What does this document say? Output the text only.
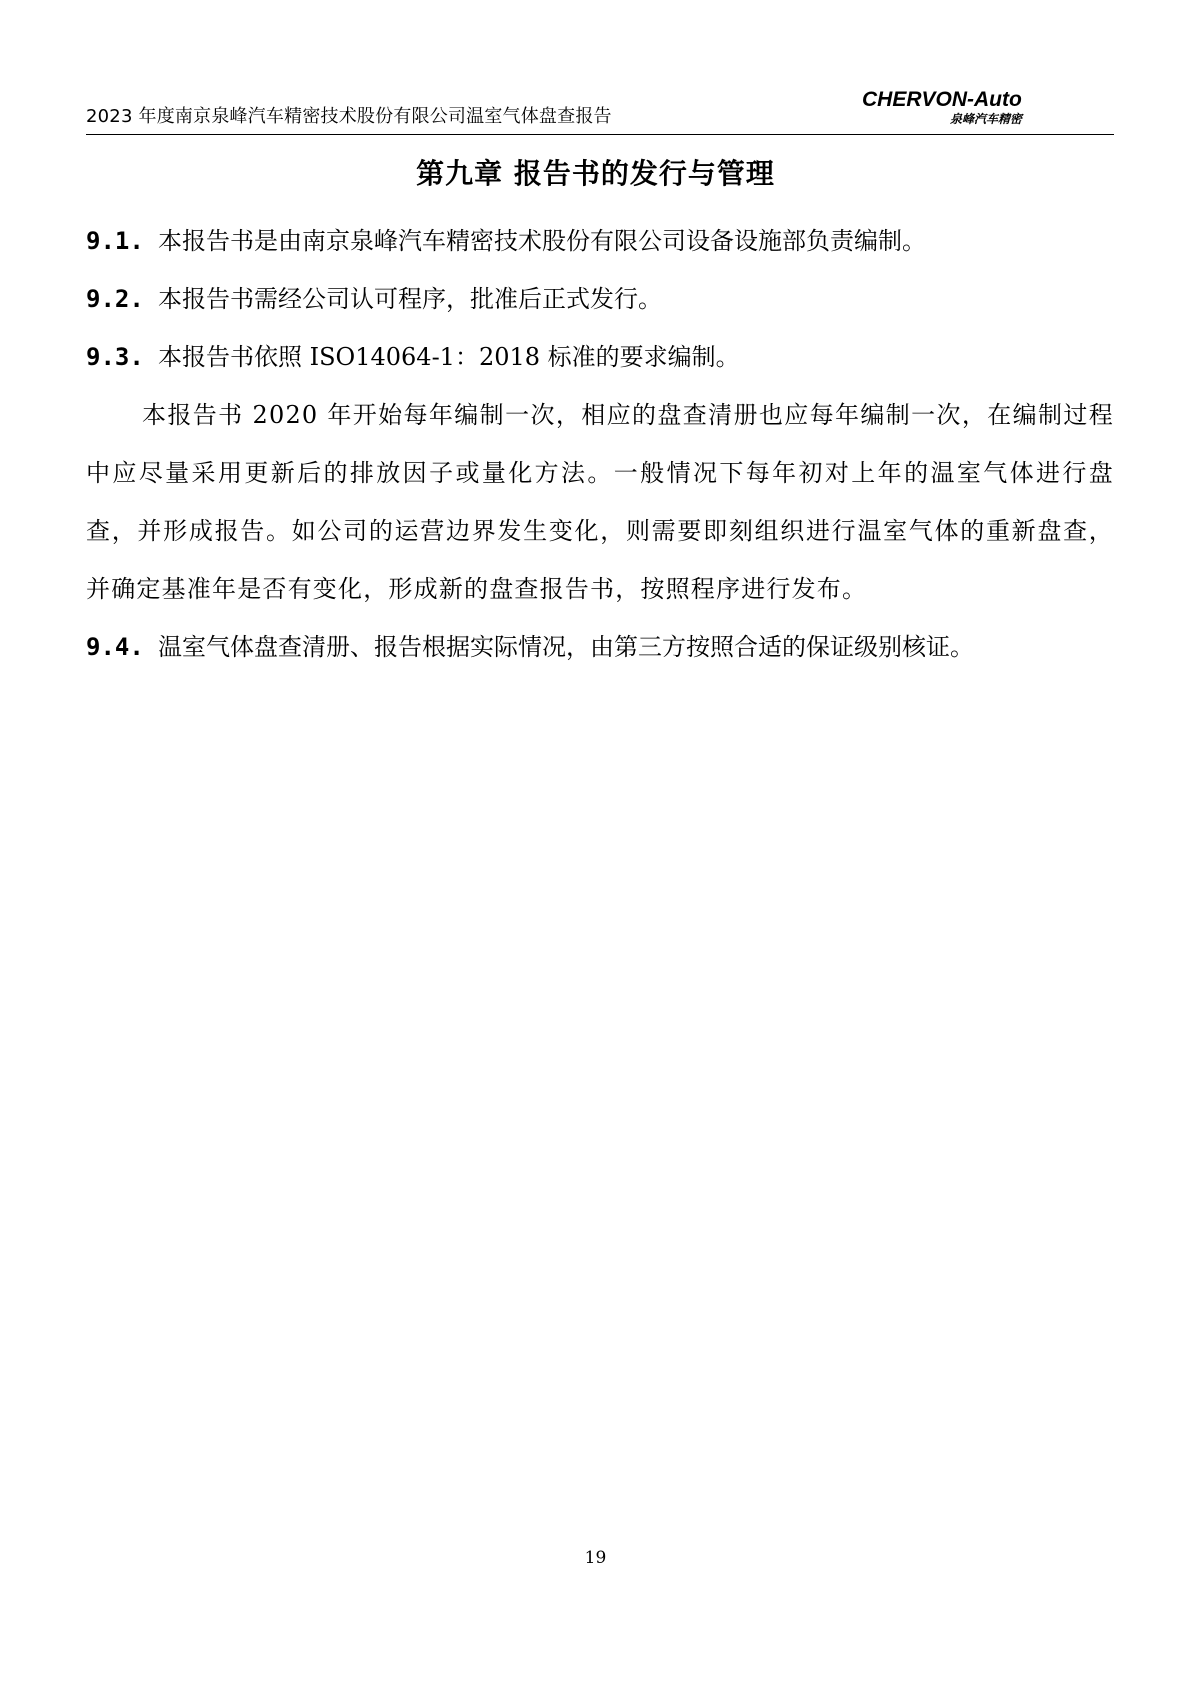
2023 年度南京泉峰汽车精密技术股份有限公司温室气体盘查报告
CHERVON-Auto
泉峰汽车精密
第九章 报告书的发行与管理

9.1. 本报告书是由南京泉峰汽车精密技术股份有限公司设备设施部负责编制。

9.2. 本报告书需经公司认可程序，批准后正式发行。

9.3. 本报告书依照 ISO14064-1：2018 标准的要求编制。

本报告书 2020 年开始每年编制一次，相应的盘查清册也应每年编制一次，在编制过程中应尽量采用更新后的排放因子或量化方法。一般情况下每年初对上年的温室气体进行盘查，并形成报告。如公司的运营边界发生变化，则需要即刻组织进行温室气体的重新盘查，并确定基准年是否有变化，形成新的盘查报告书，按照程序进行发布。

9.4. 温室气体盘查清册、报告根据实际情况，由第三方按照合适的保证级别核证。

19
